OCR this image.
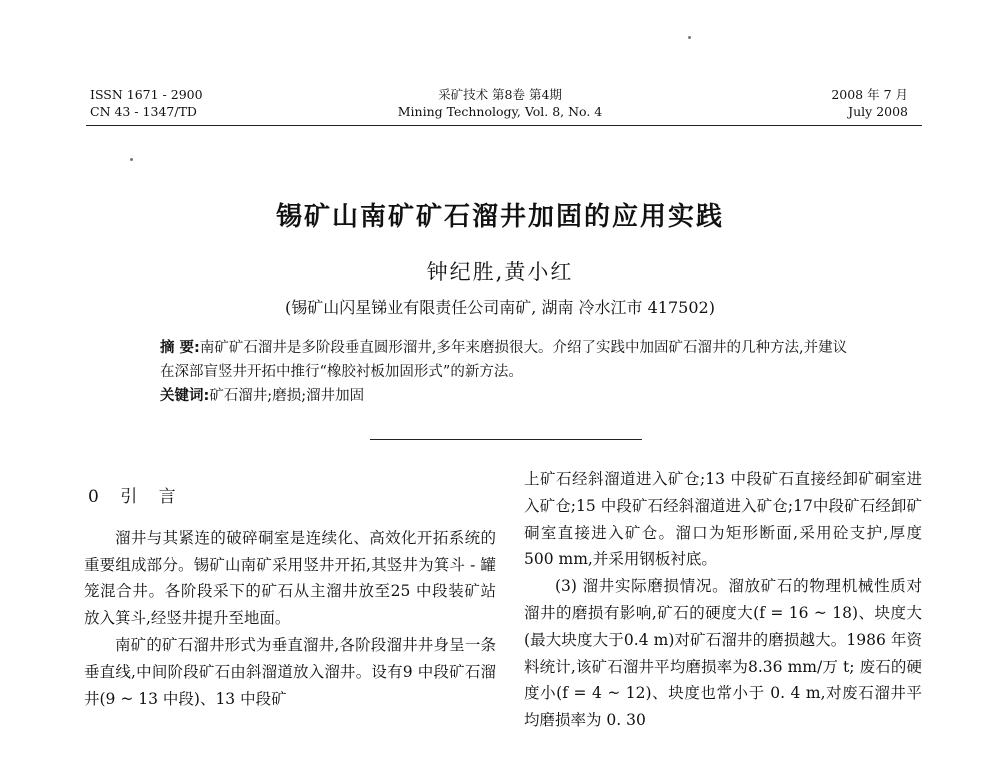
ISSN 1671 - 2900
CN 43 - 1347/TD
采矿技术 第8卷 第4期
Mining Technology, Vol. 8, No. 4
2008 年 7 月
July 2008
锡矿山南矿矿石溜井加固的应用实践
钟纪胜,黄小红
(锡矿山闪星锑业有限责任公司南矿, 湖南 冷水江市 417502)
摘 要:南矿矿石溜井是多阶段垂直圆形溜井,多年来磨损很大。介绍了实践中加固矿石溜井的几种方法,并建议在深部盲竖井开拓中推行“橡胶衬板加固形式”的新方法。
关键词:矿石溜井;磨损;溜井加固
0 引 言

溜井与其紧连的破碎硐室是连续化、高效化开拓系统的重要组成部分。锡矿山南矿采用竖井开拓,其竖井为箕斗 - 罐笼混合井。各阶段采下的矿石从主溜井放至25 中段装矿站放入箕斗,经竖井提升至地面。

南矿的矿石溜井形式为垂直溜井,各阶段溜井井身呈一条垂直线,中间阶段矿石由斜溜道放入溜井。设有9 中段矿石溜井(9 ~ 13 中段)、13 中段矿

上矿石经斜溜道进入矿仓;13 中段矿石直接经卸矿硐室进入矿仓;15 中段矿石经斜溜道进入矿仓;17中段矿石经卸矿硐室直接进入矿仓。溜口为矩形断面,采用砼支护,厚度 500 mm,并采用钢板衬底。

(3) 溜井实际磨损情况。溜放矿石的物理机械性质对溜井的磨损有影响,矿石的硬度大(f = 16 ~ 18)、块度大(最大块度大于0.4 m)对矿石溜井的磨损越大。1986 年资料统计,该矿石溜井平均磨损率为8.36 mm/万 t; 废石的硬度小(f = 4 ~ 12)、块度也常小于 0. 4 m,对废石溜井平均磨损率为 0. 30
